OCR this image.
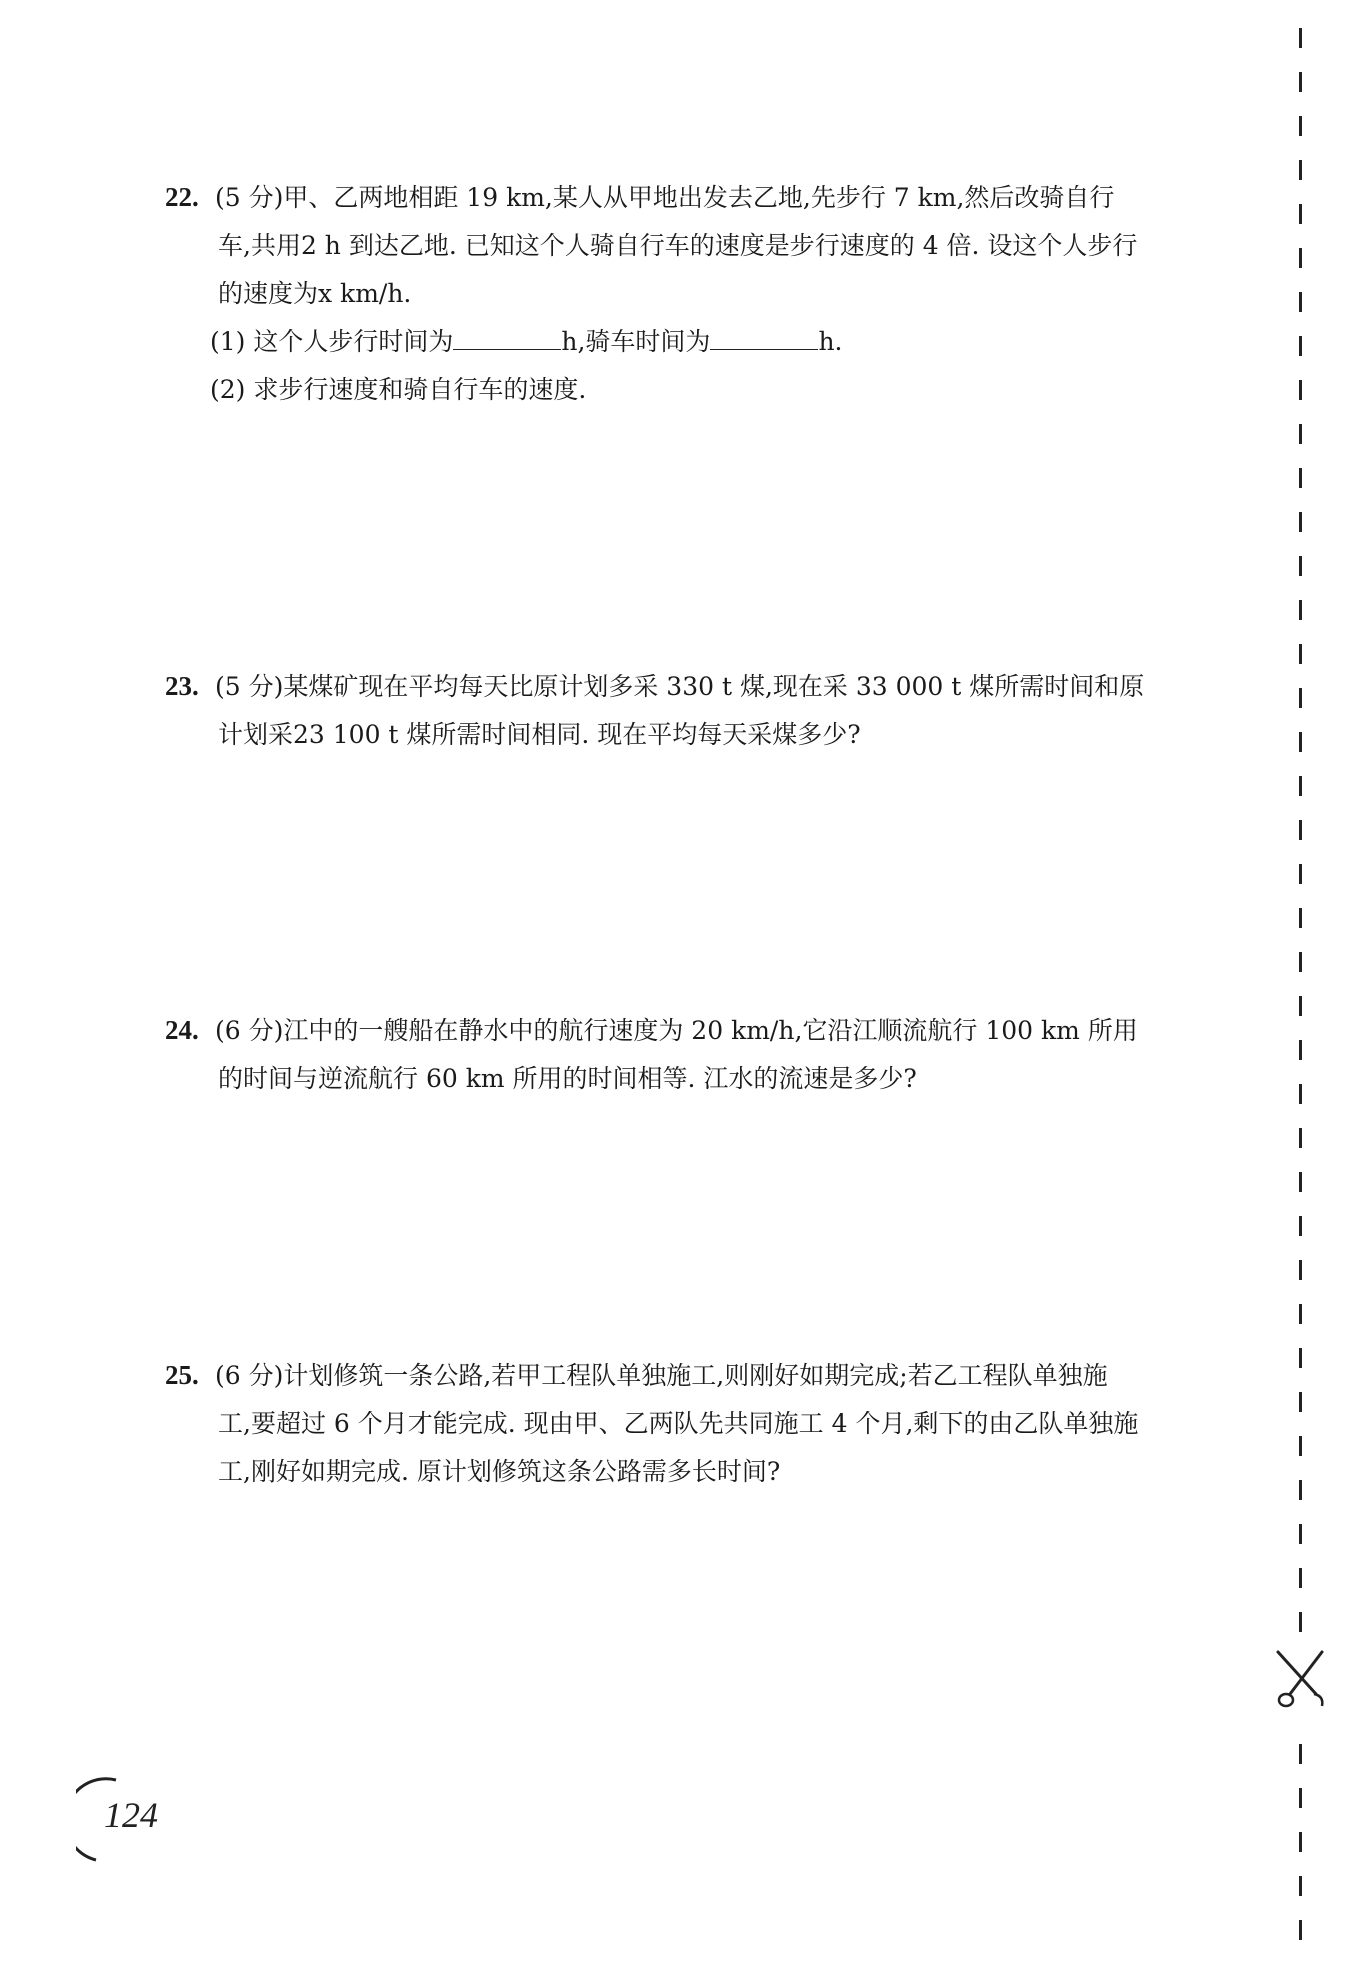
22. (5 分)甲、乙两地相距 19 km,某人从甲地出发去乙地,先步行 7 km,然后改骑自行
车,共用2 h 到达乙地. 已知这个人骑自行车的速度是步行速度的 4 倍. 设这个人步行
的速度为x km/h.
(1) 这个人步行时间为	h,骑车时间为	h.
(2) 求步行速度和骑自行车的速度.
23. (5 分)某煤矿现在平均每天比原计划多采 330 t 煤,现在采 33 000 t 煤所需时间和原
计划采23 100 t 煤所需时间相同. 现在平均每天采煤多少?
24. (6 分)江中的一艘船在静水中的航行速度为 20 km/h,它沿江顺流航行 100 km 所用
的时间与逆流航行 60 km 所用的时间相等. 江水的流速是多少?
25. (6 分)计划修筑一条公路,若甲工程队单独施工,则刚好如期完成;若乙工程队单独施
工,要超过 6 个月才能完成. 现由甲、乙两队先共同施工 4 个月,剩下的由乙队单独施
工,刚好如期完成. 原计划修筑这条公路需多长时间?
124
